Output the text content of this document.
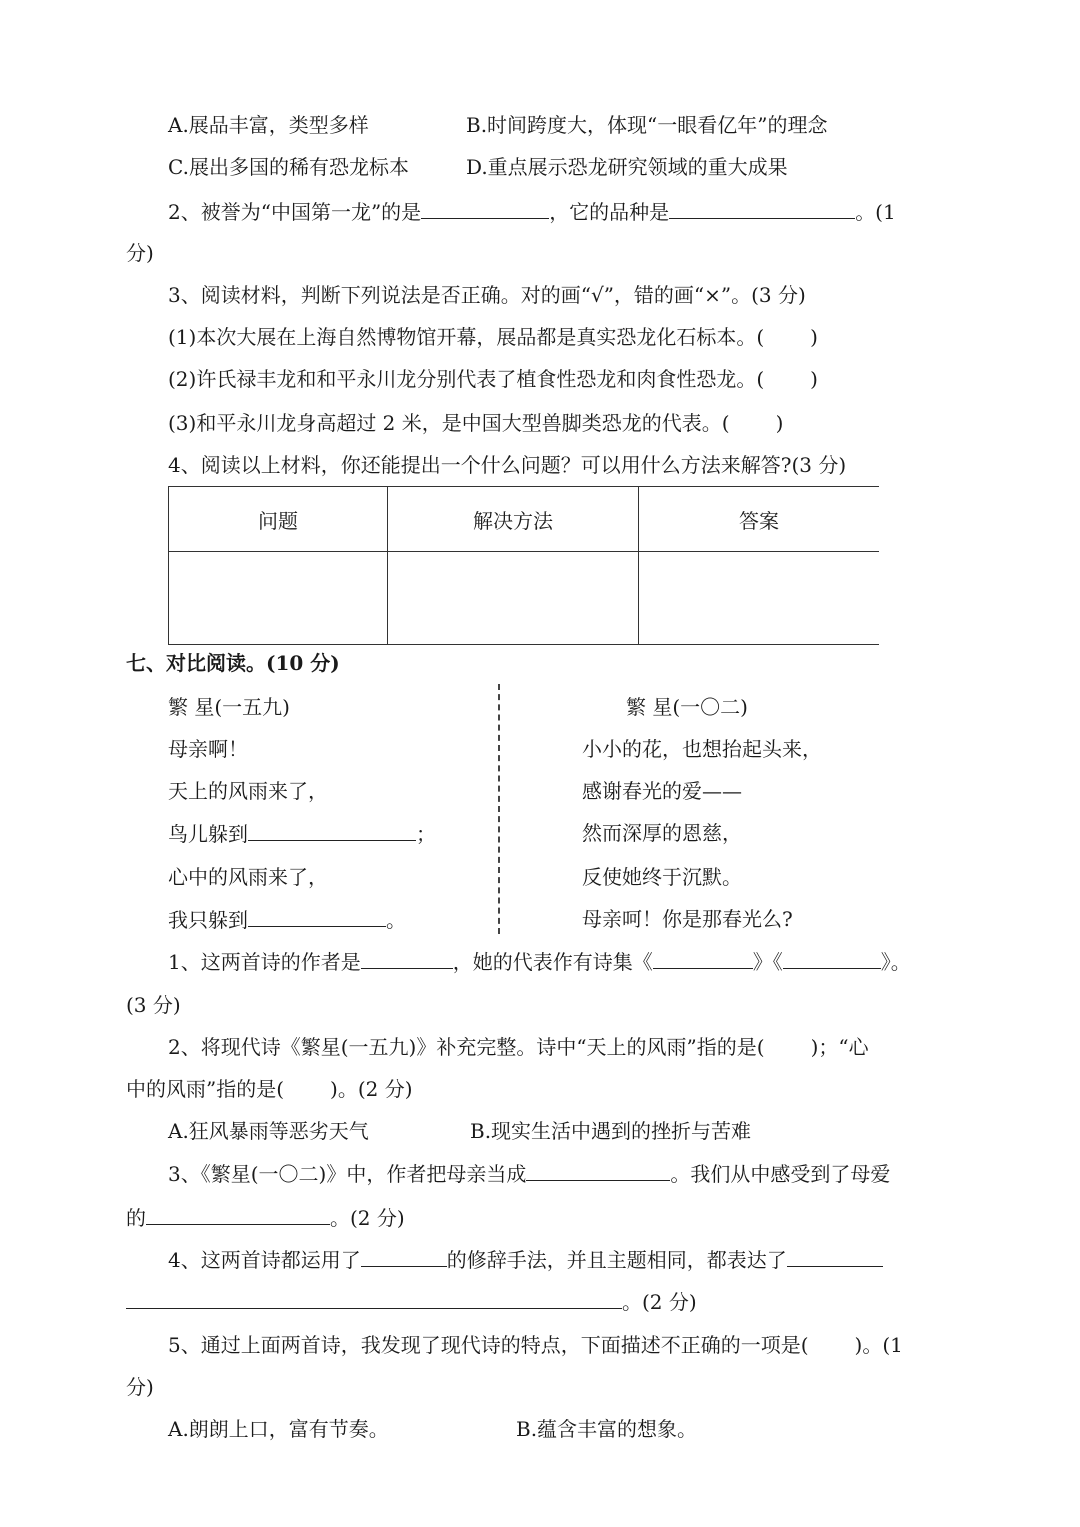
A.展品丰富，类型多样	B.时间跨度大，体现“一眼看亿年”的理念
C.展出多国的稀有恐龙标本	D.重点展示恐龙研究领域的重大成果
2、被誉为“中国第一龙”的是	，它的品种是	。(1
分)
3、阅读材料，判断下列说法是否正确。对的画“√”，错的画“×”。(3 分)
(1)本次大展在上海自然博物馆开幕，展品都是真实恐龙化石标本。( )
(2)许氏禄丰龙和和平永川龙分别代表了植食性恐龙和肉食性恐龙。( )
(3)和平永川龙身高超过 2 米，是中国大型兽脚类恐龙的代表。( )
4、阅读以上材料，你还能提出一个什么问题？可以用什么方法来解答?(3 分)
问题	解决方法	答案

七、对比阅读。(10 分)
繁 星(一五九)
母亲啊！
天上的风雨来了，
鸟儿躲到	；
心中的风雨来了，
我只躲到	。
繁 星(一〇二)
小小的花，也想抬起头来，
感谢春光的爱——
然而深厚的恩慈，
反使她终于沉默。
母亲呵！你是那春光么?
1、这两首诗的作者是	，她的代表作有诗集《	》《	》。
(3 分)
2、将现代诗《繁星(一五九)》补充完整。诗中“天上的风雨”指的是( )；“心
中的风雨”指的是( )。(2 分)
A.狂风暴雨等恶劣天气	B.现实生活中遇到的挫折与苦难
3、《繁星(一〇二)》中，作者把母亲当成	。我们从中感受到了母爱
的	。(2 分)
4、这两首诗都运用了	的修辞手法，并且主题相同，都表达了
。(2 分)
5、通过上面两首诗，我发现了现代诗的特点，下面描述不正确的一项是( )。(1
分)
A.朗朗上口，富有节奏。	B.蕴含丰富的想象。
